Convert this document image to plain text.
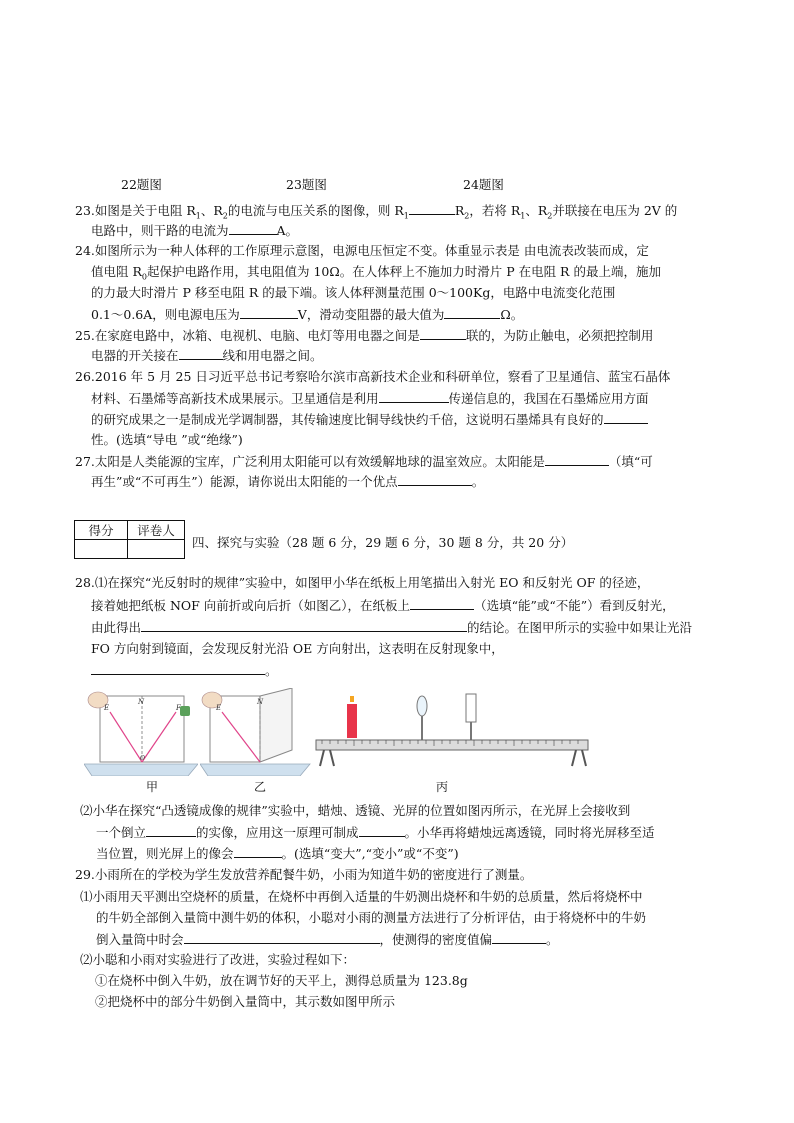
22题图	23题图	24题图
23.如图是关于电阻 $R_1$、$R_2$的电流与电压关系的图像，则 $R_1$	$R_2$，若将 $R_1$、$R_2$并联接在电压为 2V 的
电路中，则干路的电流为	A。
24.如图所示为一种人体秤的工作原理示意图，电源电压恒定不变。体重显示表是 由电流表改装而成，定
值电阻 $R_0$起保护电路作用，其电阻值为 10Ω。在人体秤上不施加力时滑片 P 在电阻 R 的最上端，施加
的力最大时滑片 P 移至电阻 R 的最下端。该人体秤测量范围 0～100Kg，电路中电流变化范围
0.1～0.6A，则电源电压为	V，滑动变阻器的最大值为	Ω。
25.在家庭电路中，冰箱、电视机、电脑、电灯等用电器之间是	联的，为防止触电，必须把控制用
电器的开关接在	线和用电器之间。
26.2016 年 5 月 25 日习近平总书记考察哈尔滨市高新技术企业和科研单位，察看了卫星通信、蓝宝石晶体
材料、石墨烯等高新技术成果展示。卫星通信是利用	传递信息的，我国在石墨烯应用方面
的研究成果之一是制成光学调制器，其传输速度比铜导线快约千倍，这说明石墨烯具有良好的
性。(选填“导电 ”或“绝缘”)
27.太阳是人类能源的宝库，广泛利用太阳能可以有效缓解地球的温室效应。太阳能是	（填“可
再生”或“不可再生”）能源，请你说出太阳能的一个优点	。
得分	评卷人

四、探究与实验（28 题 6 分，29 题 6 分，30 题 8 分，共 20 分）
28.⑴在探究“光反射时的规律”实验中，如图甲小华在纸板上用笔描出入射光 EO 和反射光 OF 的径迹，
接着她把纸板 NOF 向前折或向后折（如图乙），在纸板上	（选填“能”或“不能”）看到反射光，
由此得出	的结论。在图甲所示的实验中如果让光沿
FO 方向射到镜面，会发现反射光沿 OE 方向射出，这表明在反射现象中，
。
E
N
F
O
E
N
甲	乙	丙
⑵小华在探究“凸透镜成像的规律”实验中，蜡烛、透镜、光屏的位置如图丙所示，在光屏上会接收到
一个倒立	的实像，应用这一原理可制成	。小华再将蜡烛远离透镜，同时将光屏移至适
当位置，则光屏上的像会	。(选填“变大”,“变小”或“不变”)
29.小雨所在的学校为学生发放营养配餐牛奶，小雨为知道牛奶的密度进行了测量。
⑴小雨用天平测出空烧杯的质量，在烧杯中再倒入适量的牛奶测出烧杯和牛奶的总质量，然后将烧杯中
的牛奶全部倒入量筒中测牛奶的体积，小聪对小雨的测量方法进行了分析评估，由于将烧杯中的牛奶
倒入量筒中时会	，使测得的密度值偏	。
⑵小聪和小雨对实验进行了改进，实验过程如下：
①在烧杯中倒入牛奶，放在调节好的天平上，测得总质量为 123.8g
②把烧杯中的部分牛奶倒入量筒中，其示数如图甲所示
